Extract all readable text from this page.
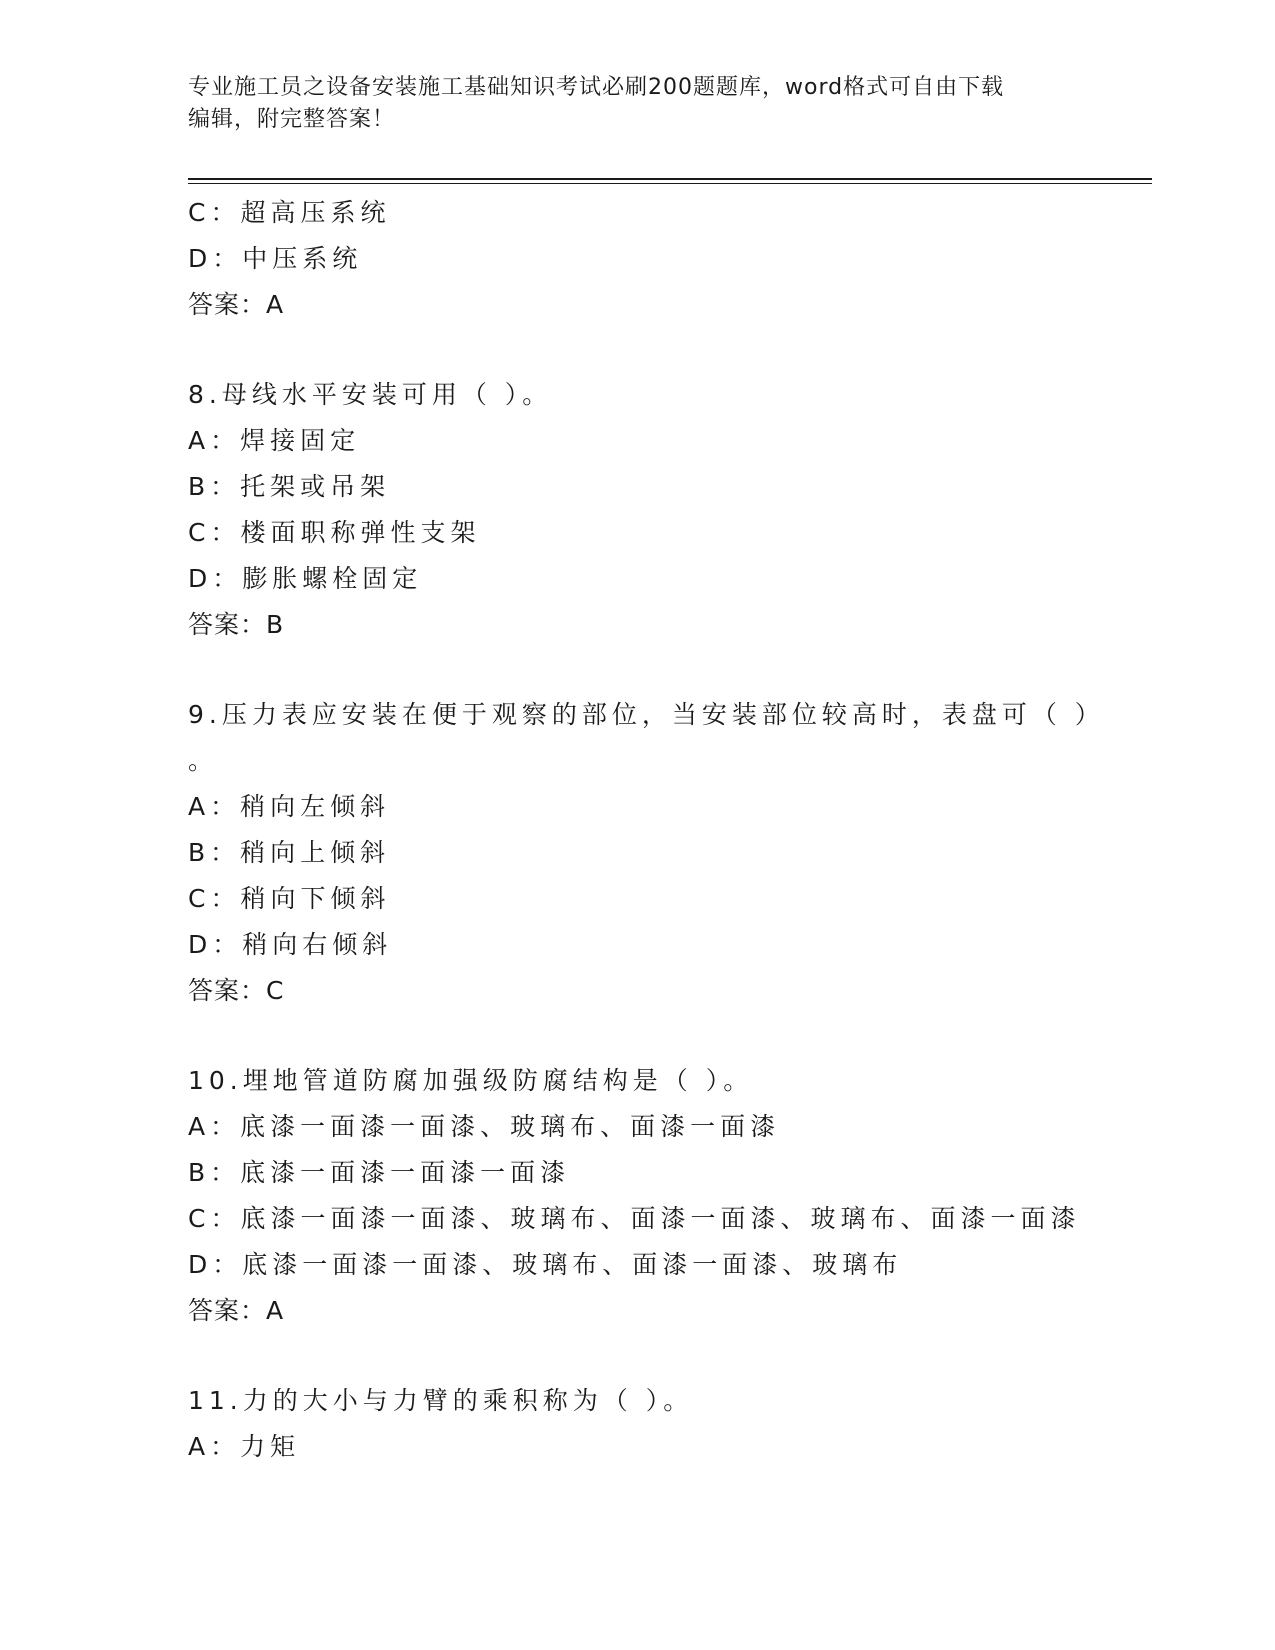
专业施工员之设备安装施工基础知识考试必刷200题题库，word格式可自由下载
编辑，附完整答案！
C：超高压系统
D：中压系统
答案：A
8.母线水平安装可用（ ）。
A：焊接固定
B：托架或吊架
C：楼面职称弹性支架
D：膨胀螺栓固定
答案：B
9.压力表应安装在便于观察的部位，当安装部位较高时，表盘可（ ）
。
A：稍向左倾斜
B：稍向上倾斜
C：稍向下倾斜
D：稍向右倾斜
答案：C
10.埋地管道防腐加强级防腐结构是（ ）。
A：底漆一面漆一面漆、玻璃布、面漆一面漆
B：底漆一面漆一面漆一面漆
C：底漆一面漆一面漆、玻璃布、面漆一面漆、玻璃布、面漆一面漆
D：底漆一面漆一面漆、玻璃布、面漆一面漆、玻璃布
答案：A
11.力的大小与力臂的乘积称为（ ）。
A：力矩
